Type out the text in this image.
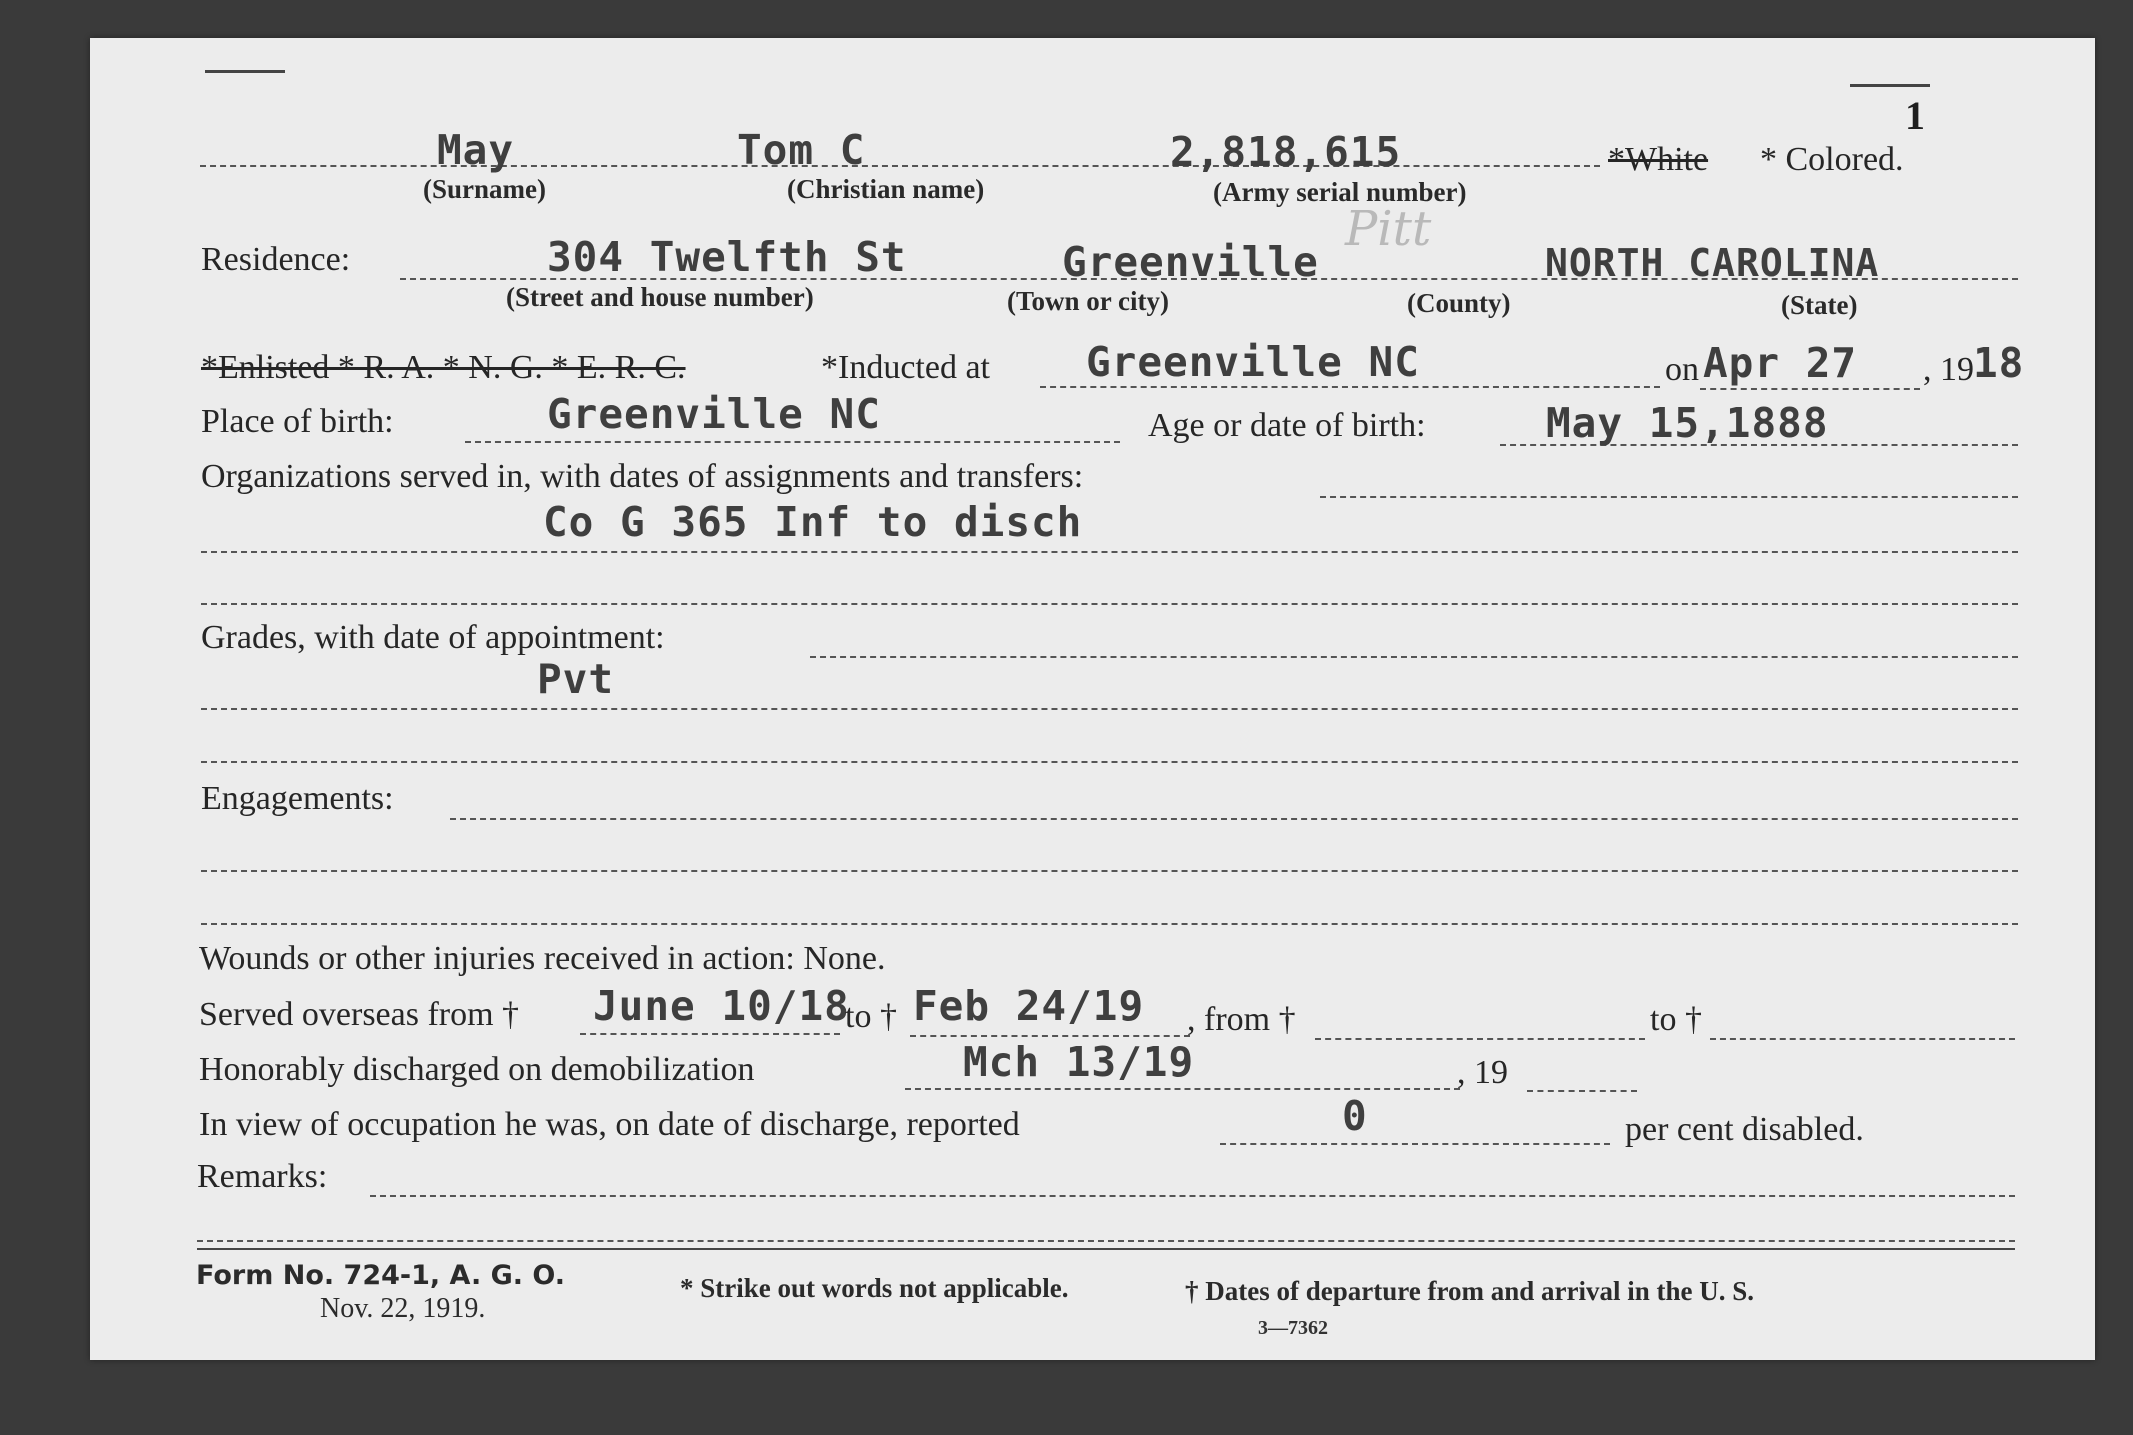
1
May
(Surname)
Tom C
(Christian name)
2,818,615
(Army serial number)
*White * Colored.
Residence:	304 Twelfth St
(Street and house number)
Greenville
(Town or city)
Pitt
(County)
NORTH CAROLINA
(State)
*Enlisted * R. A. * N. G. * E. R. C.	*Inducted at Greenville NC	on Apr 27 , 19 18
Place of birth:	Greenville NC	Age or date of birth:	May 15,1888
Organizations served in, with dates of assignments and transfers:
Co G 365 Inf to disch
Grades, with date of appointment:
Pvt
Engagements:
Wounds or other injuries received in action: None.
Served overseas from † June 10/18
to † Feb 24/19 , from †	to †
Honorably discharged on demobilization	Mch 13/19	, 19
In view of occupation he was, on date of discharge, reported	0	per cent disabled.
Remarks:
Form No. 724-1, A. G. O.
Nov. 22, 1919.
* Strike out words not applicable.	† Dates of departure from and arrival in the U. S.
3—7362
